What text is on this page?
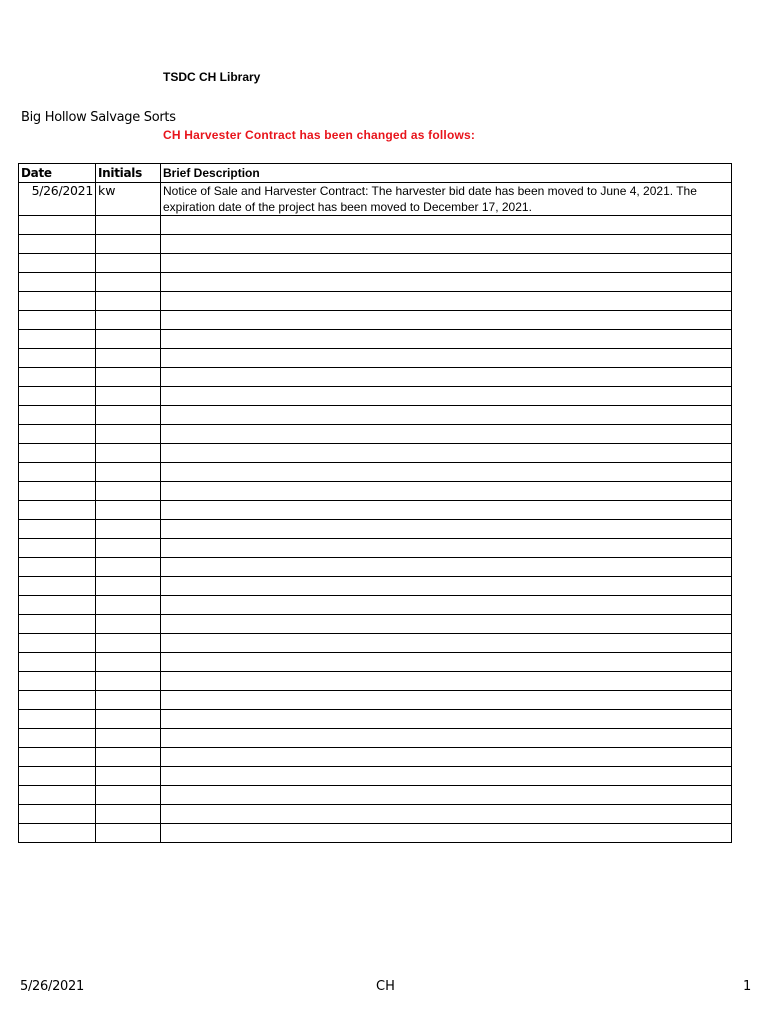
TSDC CH Library
Big Hollow Salvage Sorts
CH Harvester Contract has been changed as follows:
Date	Initials	Brief Description
5/26/2021	kw	Notice of Sale and Harvester Contract: The harvester bid date has been moved to June 4, 2021. The expiration date of the project has been moved to December 17, 2021.

5/26/2021	CH	1
